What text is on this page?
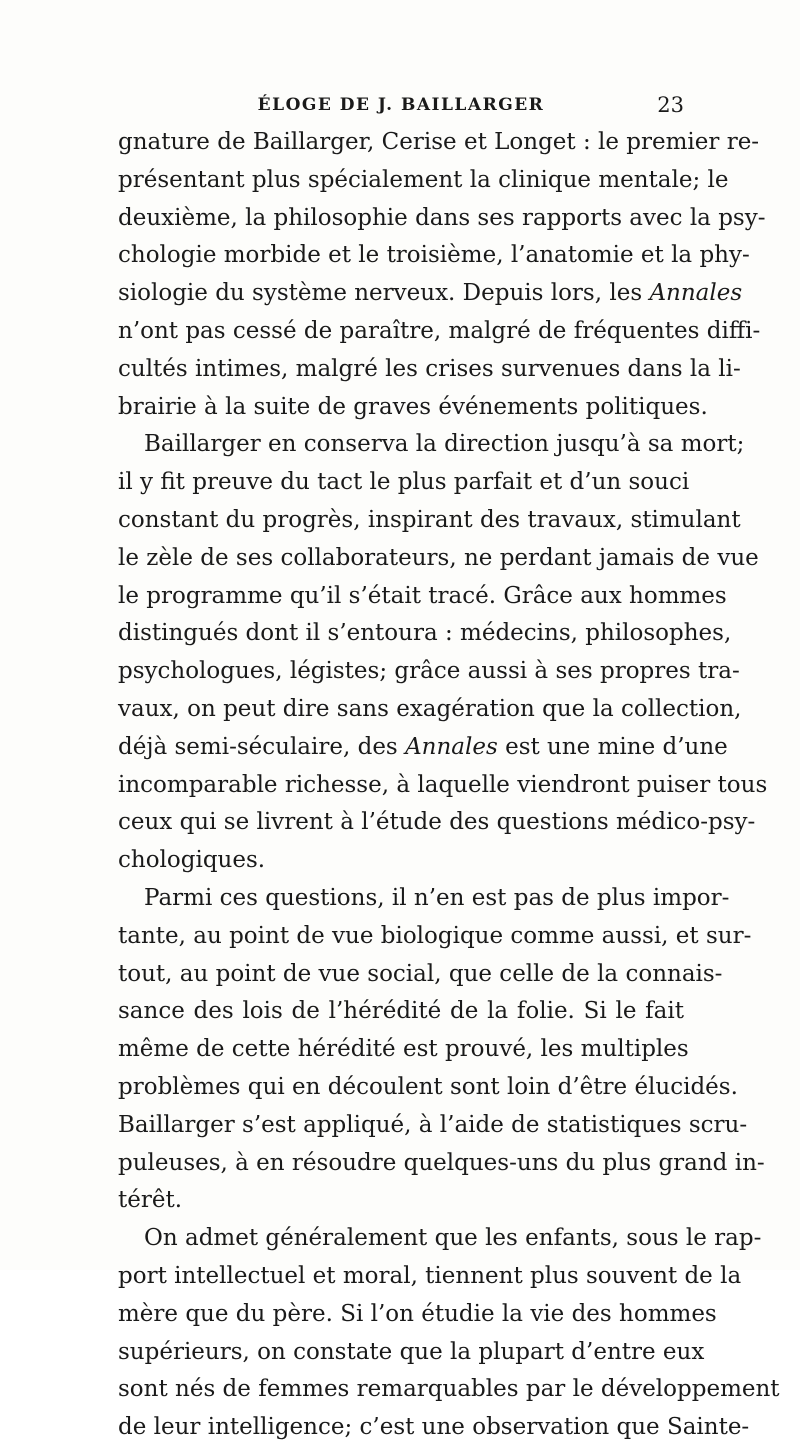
ÉLOGE DE J. BAILLARGER	23
gnature de Baillarger, Cerise et Longet : le premier re-
présentant plus spécialement la clinique mentale; le
deuxième, la philosophie dans ses rapports avec la psy-
chologie morbide et le troisième, l’anatomie et la phy-
siologie du système nerveux. Depuis lors, les Annales
n’ont pas cessé de paraître, malgré de fréquentes diffi-
cultés intimes, malgré les crises survenues dans la li-
brairie à la suite de graves événements politiques.
Baillarger en conserva la direction jusqu’à sa mort;
il y fit preuve du tact le plus parfait et d’un souci
constant du progrès, inspirant des travaux, stimulant
le zèle de ses collaborateurs, ne perdant jamais de vue
le programme qu’il s’était tracé. Grâce aux hommes
distingués dont il s’entoura : médecins, philosophes,
psychologues, légistes; grâce aussi à ses propres tra-
vaux, on peut dire sans exagération que la collection,
déjà semi-séculaire, des Annales est une mine d’une
incomparable richesse, à laquelle viendront puiser tous
ceux qui se livrent à l’étude des questions médico-psy-
chologiques.
Parmi ces questions, il n’en est pas de plus impor-
tante, au point de vue biologique comme aussi, et sur-
tout, au point de vue social, que celle de la connais-
sance des lois de l’hérédité de la folie. Si le fait
même de cette hérédité est prouvé, les multiples
problèmes qui en découlent sont loin d’être élucidés.
Baillarger s’est appliqué, à l’aide de statistiques scru-
puleuses, à en résoudre quelques-uns du plus grand in-
térêt.
On admet généralement que les enfants, sous le rap-
port intellectuel et moral, tiennent plus souvent de la
mère que du père. Si l’on étudie la vie des hommes
supérieurs, on constate que la plupart d’entre eux
sont nés de femmes remarquables par le développement
de leur intelligence; c’est une observation que Sainte-
